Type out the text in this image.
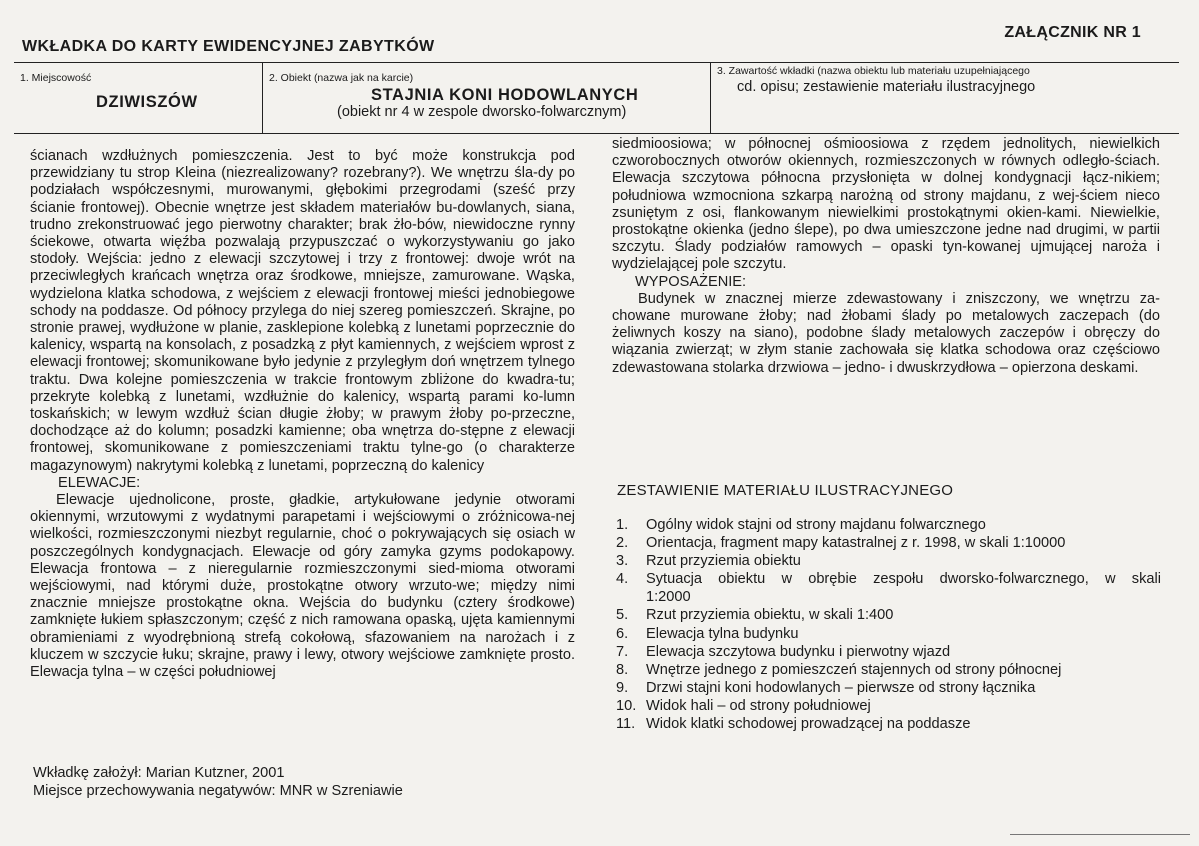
ZAŁĄCZNIK NR 1
WKŁADKA DO KARTY EWIDENCYJNEJ ZABYTKÓW
1. Miejscowość
DZIWISZÓW
2. Obiekt (nazwa jak na karcie)
STAJNIA KONI HODOWLANYCH
(obiekt nr 4 w zespole dworsko-folwarcznym)
3. Zawartość wkładki (nazwa obiektu lub materiału uzupełniającego
cd. opisu; zestawienie materiału ilustracyjnego
ścianach wzdłużnych pomieszczenia. Jest to być może konstrukcja pod przewidziany tu strop Kleina (niezrealizowany? rozebrany?). We wnętrzu śla-dy po podziałach współczesnymi, murowanymi, głębokimi przegrodami (sześć przy ścianie frontowej). Obecnie wnętrze jest składem materiałów bu-dowlanych, siana, trudno zrekonstruować jego pierwotny charakter; brak żło-bów, niewidoczne rynny ściekowe, otwarta więźba pozwalają przypuszczać o wykorzystywaniu go jako stodoły. Wejścia: jedno z elewacji szczytowej i trzy z frontowej: dwoje wrót na przeciwległych krańcach wnętrza oraz środkowe, mniejsze, zamurowane. Wąska, wydzielona klatka schodowa, z wejściem z elewacji frontowej mieści jednobiegowe schody na poddasze. Od północy przylega do niej szereg pomieszczeń. Skrajne, po stronie prawej, wydłużone w planie, zasklepione kolebką z lunetami poprzecznie do kalenicy, wspartą na konsolach, z posadzką z płyt kamiennych, z wejściem wprost z elewacji frontowej; skomunikowane było jedynie z przyległym doń wnętrzem tylnego traktu. Dwa kolejne pomieszczenia w trakcie frontowym zbliżone do kwadra-tu; przekryte kolebką z lunetami, wzdłużnie do kalenicy, wspartą parami ko-lumn toskańskich; w lewym wzdłuż ścian długie żłoby; w prawym żłoby po-przeczne, dochodzące aż do kolumn; posadzki kamienne; oba wnętrza do-stępne z elewacji frontowej, skomunikowane z pomieszczeniami traktu tylne-go (o charakterze magazynowym) nakrytymi kolebką z lunetami, poprzeczną do kalenicy
ELEWACJE:
Elewacje ujednolicone, proste, gładkie, artykułowane jedynie otworami okiennymi, wrzutowymi z wydatnymi parapetami i wejściowymi o zróżnicowa-nej wielkości, rozmieszczonymi niezbyt regularnie, choć o pokrywających się osiach w poszczególnych kondygnacjach. Elewacje od góry zamyka gzyms podokapowy. Elewacja frontowa – z nieregularnie rozmieszczonymi sied-mioma otworami wejściowymi, nad którymi duże, prostokątne otwory wrzuto-we; między nimi znacznie mniejsze prostokątne okna. Wejścia do budynku (cztery środkowe) zamknięte łukiem spłaszczonym; część z nich ramowana opaską, ujęta kamiennymi obramieniami z wyodrębnioną strefą cokołową, sfazowaniem na narożach i z kluczem w szczycie łuku; skrajne, prawy i lewy, otwory wejściowe zamknięte prosto. Elewacja tylna – w części południowej
siedmioosiowa; w północnej ośmioosiowa z rzędem jednolitych, niewielkich czworobocznych otworów okiennych, rozmieszczonych w równych odległo-ściach. Elewacja szczytowa północna przysłonięta w dolnej kondygnacji łącz-nikiem; południowa wzmocniona szkarpą narożną od strony majdanu, z wej-ściem nieco zsuniętym z osi, flankowanym niewielkimi prostokątnymi okien-kami. Niewielkie, prostokątne okienka (jedno ślepe), po dwa umieszczone jedne nad drugimi, w partii szczytu. Ślady podziałów ramowych – opaski tyn-kowanej ujmującej naroża i wydzielającej pole szczytu.
WYPOSAŻENIE:
Budynek w znacznej mierze zdewastowany i zniszczony, we wnętrzu za-chowane murowane żłoby; nad żłobami ślady po metalowych zaczepach (do żeliwnych koszy na siano), podobne ślady metalowych zaczepów i obręczy do wiązania zwierząt; w złym stanie zachowała się klatka schodowa oraz częściowo zdewastowana stolarka drzwiowa – jedno- i dwuskrzydłowa – opierzona deskami.
ZESTAWIENIE MATERIAŁU ILUSTRACYJNEGO
1.	Ogólny widok stajni od strony majdanu folwarcznego
2.	Orientacja, fragment mapy katastralnej z r. 1998, w skali 1:10000
3.	Rzut przyziemia obiektu
4.	Sytuacja obiektu w obrębie zespołu dworsko-folwarcznego, w skali
1:2000
5.	Rzut przyziemia obiektu, w skali 1:400
6.	Elewacja tylna budynku
7.	Elewacja szczytowa budynku i pierwotny wjazd
8.	Wnętrze jednego z pomieszczeń stajennych od strony północnej
9.	Drzwi stajni koni hodowlanych – pierwsze od strony łącznika
10. Widok hali – od strony południowej
11. Widok klatki schodowej prowadzącej na poddasze
Wkładkę założył: Marian Kutzner, 2001
Miejsce przechowywania negatywów: MNR w Szreniawie
